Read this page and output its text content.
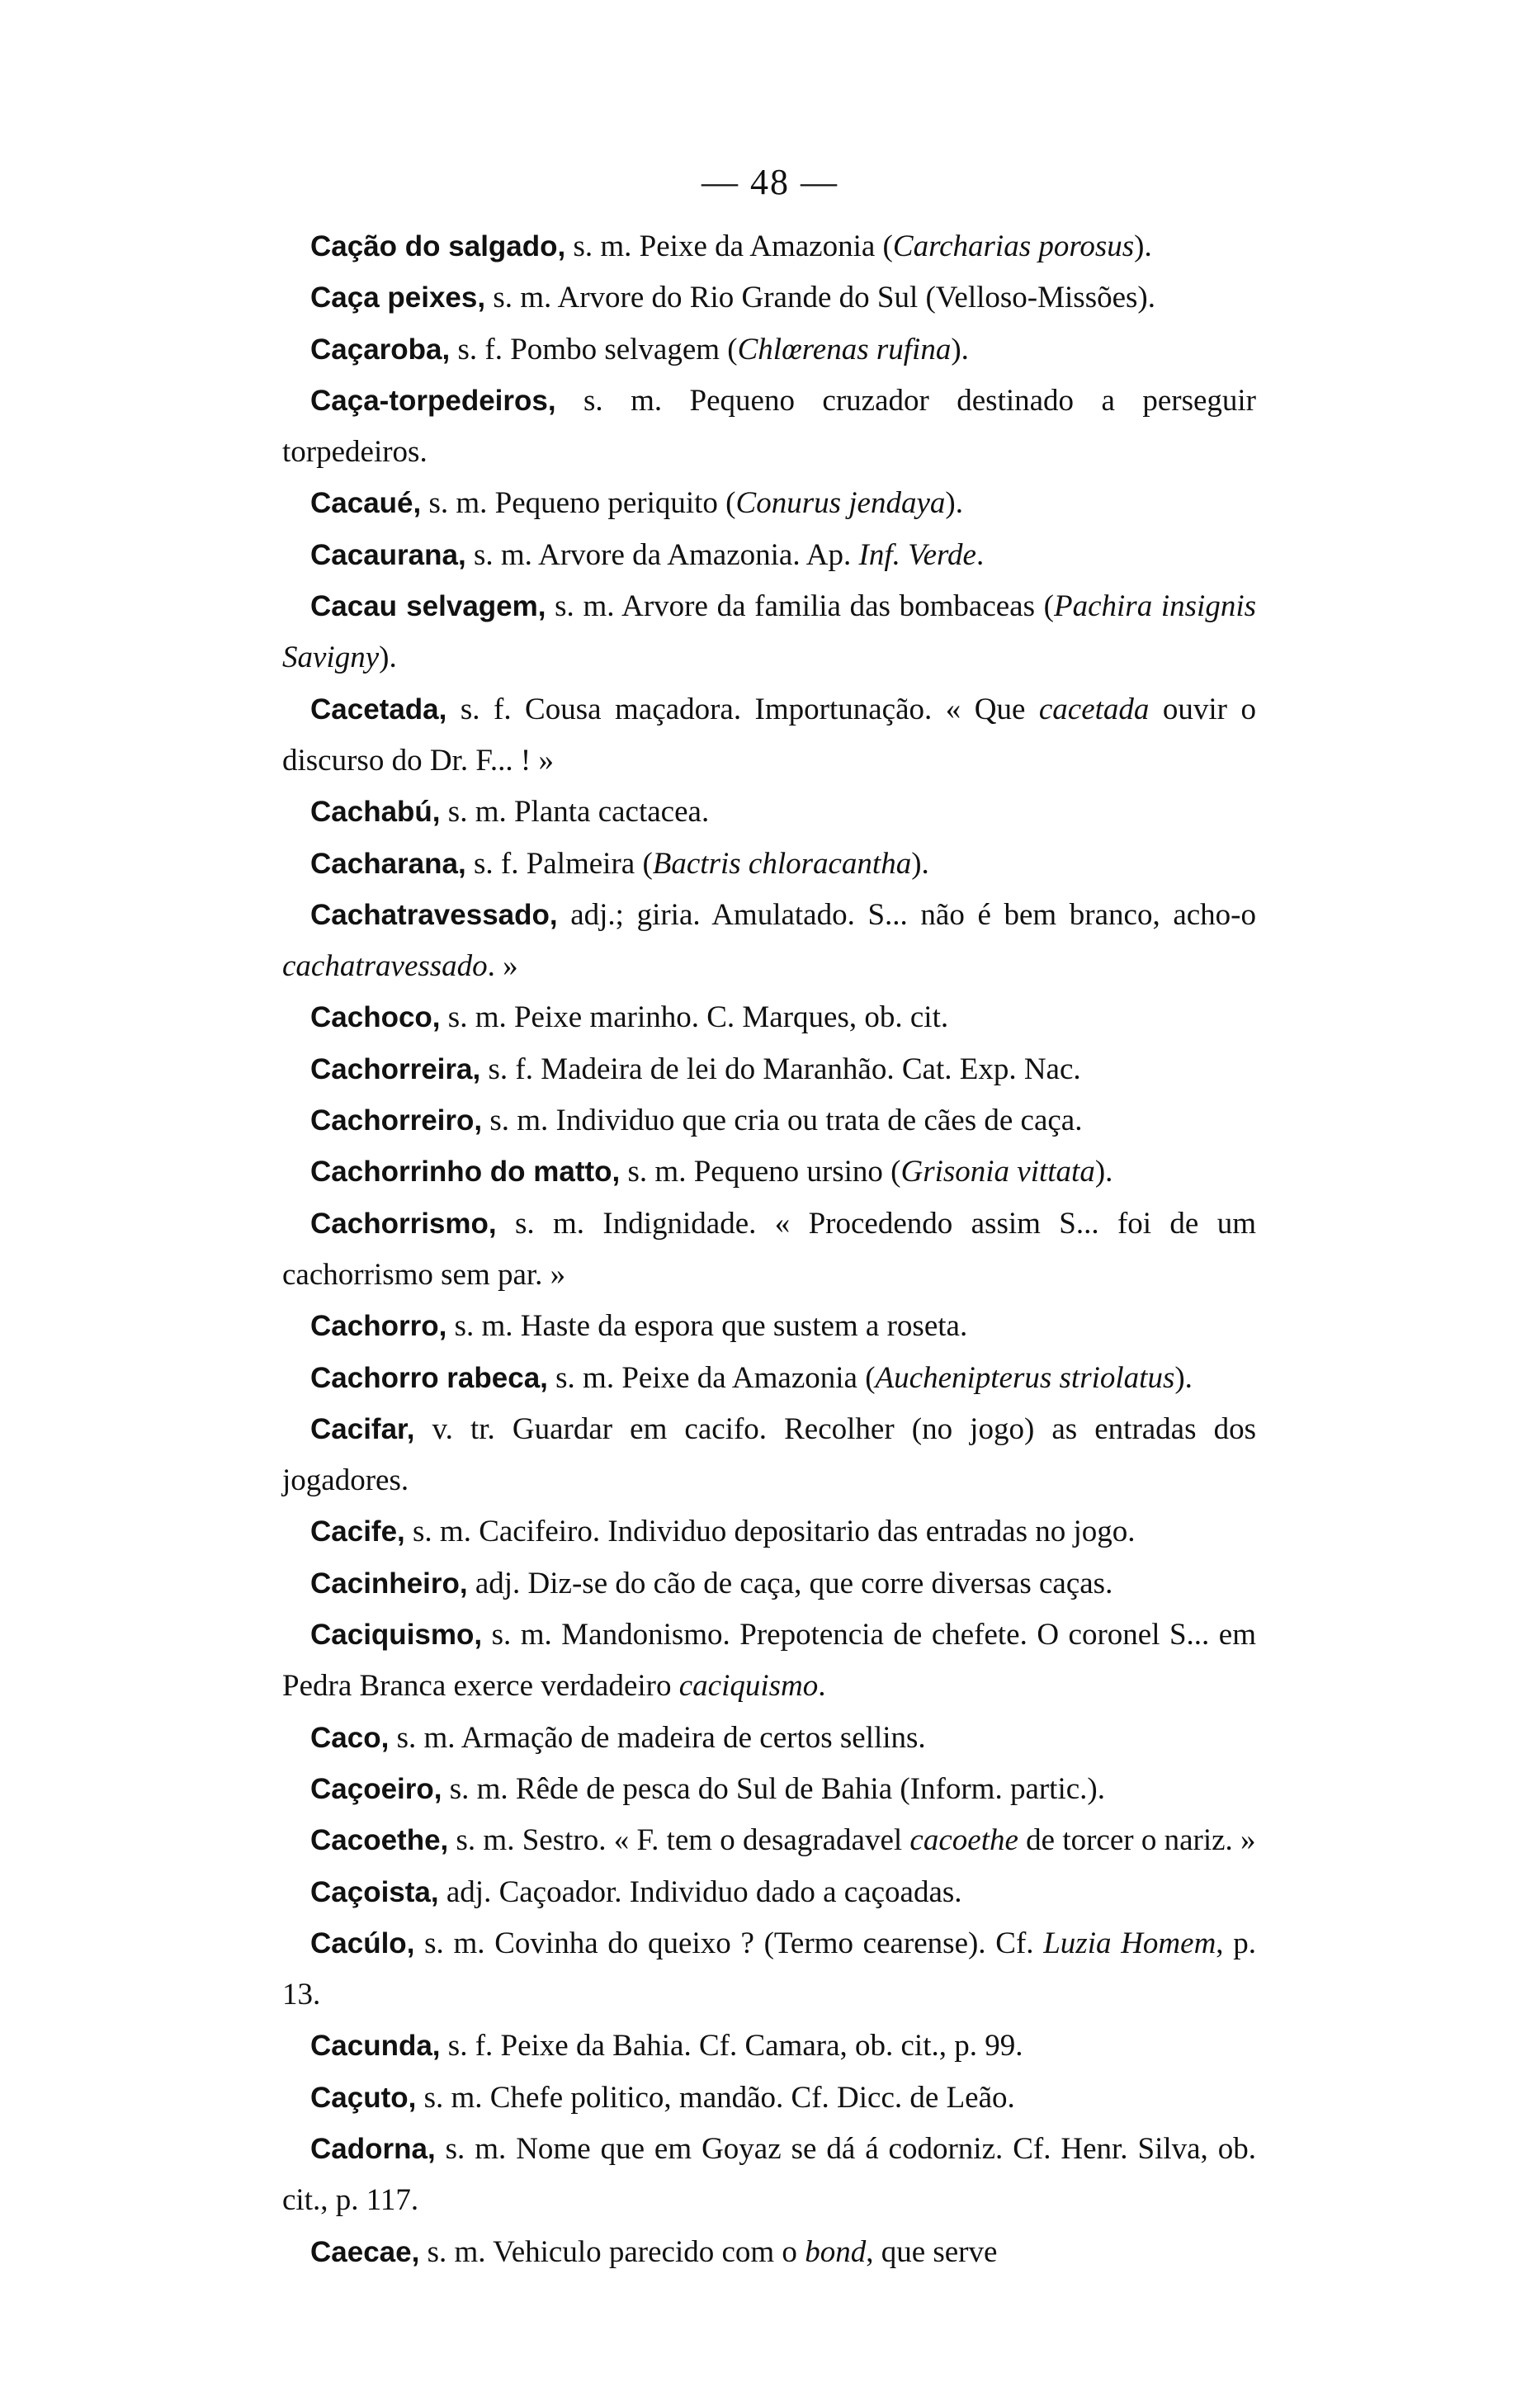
— 48 —

Cação do salgado, s. m. Peixe da Amazonia (Carcharias porosus).

Caça peixes, s. m. Arvore do Rio Grande do Sul (Velloso-Missões).

Caçaroba, s. f. Pombo selvagem (Chlœrenas rufina).

Caça-torpedeiros, s. m. Pequeno cruzador destinado a perseguir torpedeiros.

Cacaué, s. m. Pequeno periquito (Conurus jendaya).

Cacaurana, s. m. Arvore da Amazonia. Ap. Inf. Verde.

Cacau selvagem, s. m. Arvore da familia das bombaceas (Pachira insignis Savigny).

Cacetada, s. f. Cousa maçadora. Importunação. « Que cacetada ouvir o discurso do Dr. F... ! »

Cachabú, s. m. Planta cactacea.

Cacharana, s. f. Palmeira (Bactris chloracantha).

Cachatravessado, adj.; giria. Amulatado. S... não é bem branco, acho-o cachatravessado. »

Cachoco, s. m. Peixe marinho. C. Marques, ob. cit.

Cachorreira, s. f. Madeira de lei do Maranhão. Cat. Exp. Nac.

Cachorreiro, s. m. Individuo que cria ou trata de cães de caça.

Cachorrinho do matto, s. m. Pequeno ursino (Grisonia vittata).

Cachorrismo, s. m. Indignidade. « Procedendo assim S... foi de um cachorrismo sem par. »

Cachorro, s. m. Haste da espora que sustem a roseta.

Cachorro rabeca, s. m. Peixe da Amazonia (Auchenipterus striolatus).

Cacifar, v. tr. Guardar em cacifo. Recolher (no jogo) as entradas dos jogadores.

Cacife, s. m. Cacifeiro. Individuo depositario das entradas no jogo.

Cacinheiro, adj. Diz-se do cão de caça, que corre diversas caças.

Caciquismo, s. m. Mandonismo. Prepotencia de chefete. O coronel S... em Pedra Branca exerce verdadeiro caciquismo.

Caco, s. m. Armação de madeira de certos sellins.

Caçoeiro, s. m. Rêde de pesca do Sul de Bahia (Inform. partic.).

Cacoethe, s. m. Sestro. « F. tem o desagradavel cacoethe de torcer o nariz. »

Caçoista, adj. Caçoador. Individuo dado a caçoadas.

Cacúlo, s. m. Covinha do queixo ? (Termo cearense). Cf. Luzia Homem, p. 13.

Cacunda, s. f. Peixe da Bahia. Cf. Camara, ob. cit., p. 99.

Caçuto, s. m. Chefe politico, mandão. Cf. Dicc. de Leão.

Cadorna, s. m. Nome que em Goyaz se dá á codorniz. Cf. Henr. Silva, ob. cit., p. 117.

Caecae, s. m. Vehiculo parecido com o bond, que serve
